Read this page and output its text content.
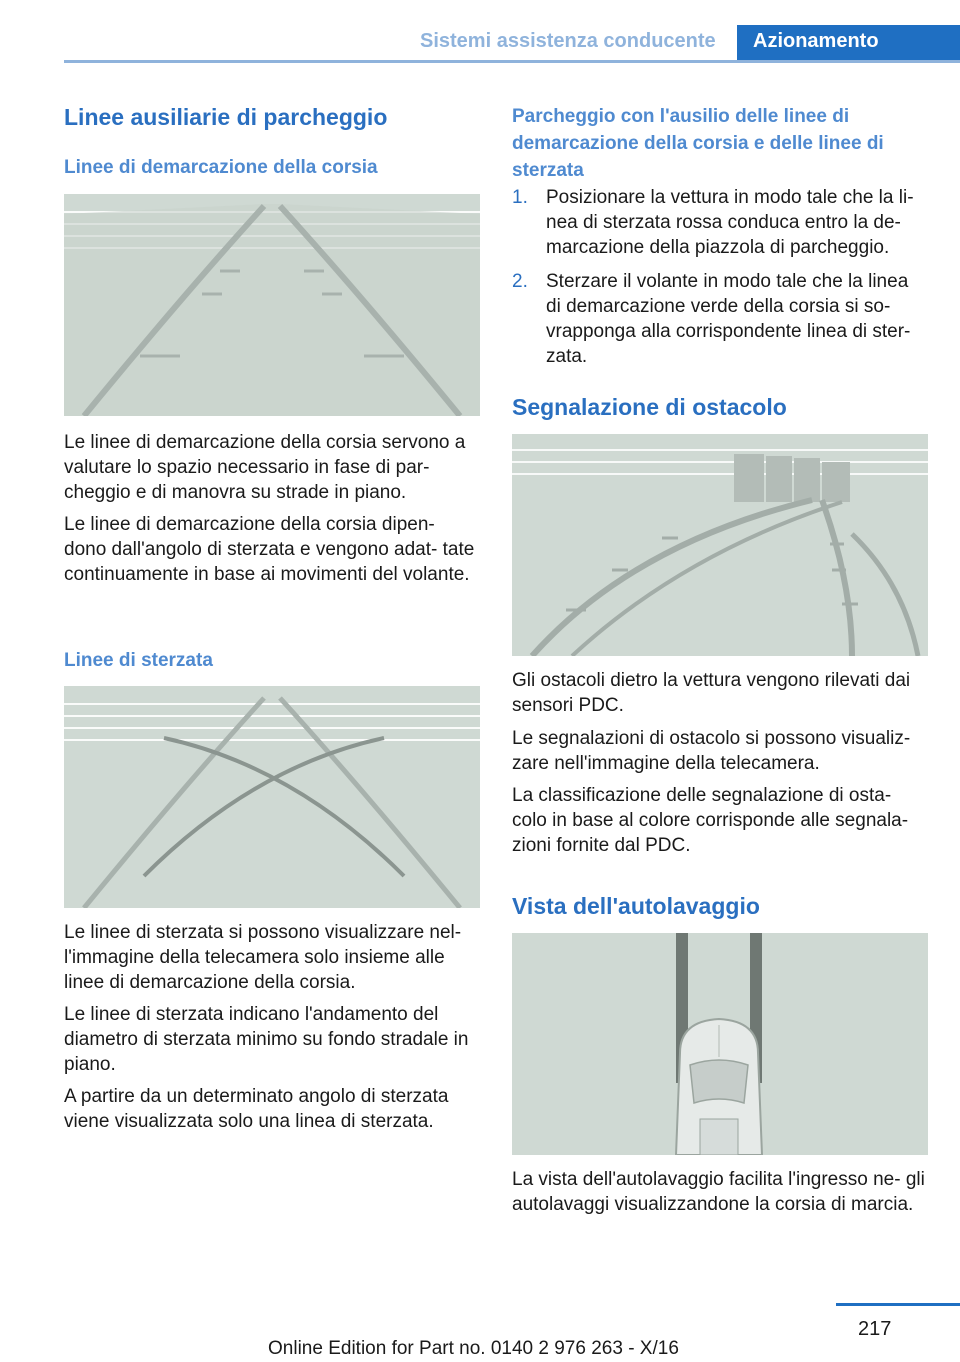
Sistemi assistenza conducente	Azionamento
Linee ausiliarie di parcheggio
Linee di demarcazione della corsia

Le linee di demarcazione della corsia servono a valutare lo spazio necessario in fase di par‐ cheggio e di manovra su strade in piano.

Le linee di demarcazione della corsia dipen‐ dono dall'angolo di sterzata e vengono adat‐ tate continuamente in base ai movimenti del volante.

Linee di sterzata

Le linee di sterzata si possono visualizzare nel‐ l'immagine della telecamera solo insieme alle linee di demarcazione della corsia.

Le linee di sterzata indicano l'andamento del diametro di sterzata minimo su fondo stradale in piano.

A partire da un determinato angolo di sterzata viene visualizzata solo una linea di sterzata.

Parcheggio con l'ausilio delle linee di demarcazione della corsia e delle linee di sterzata
1. Posizionare la vettura in modo tale che la li‐ nea di sterzata rossa conduca entro la de‐ marcazione della piazzola di parcheggio.
2. Sterzare il volante in modo tale che la linea di demarcazione verde della corsia si so‐ vrapponga alla corrispondente linea di ster‐ zata.
Segnalazione di ostacolo

Gli ostacoli dietro la vettura vengono rilevati dai sensori PDC.

Le segnalazioni di ostacolo si possono visualiz‐ zare nell'immagine della telecamera.

La classificazione delle segnalazione di osta‐ colo in base al colore corrisponde alle segnala‐ zioni fornite dal PDC.

Vista dell'autolavaggio

La vista dell'autolavaggio facilita l'ingresso ne‐ gli autolavaggi visualizzandone la corsia di marcia.

217
Online Edition for Part no. 0140 2 976 263 - X/16
